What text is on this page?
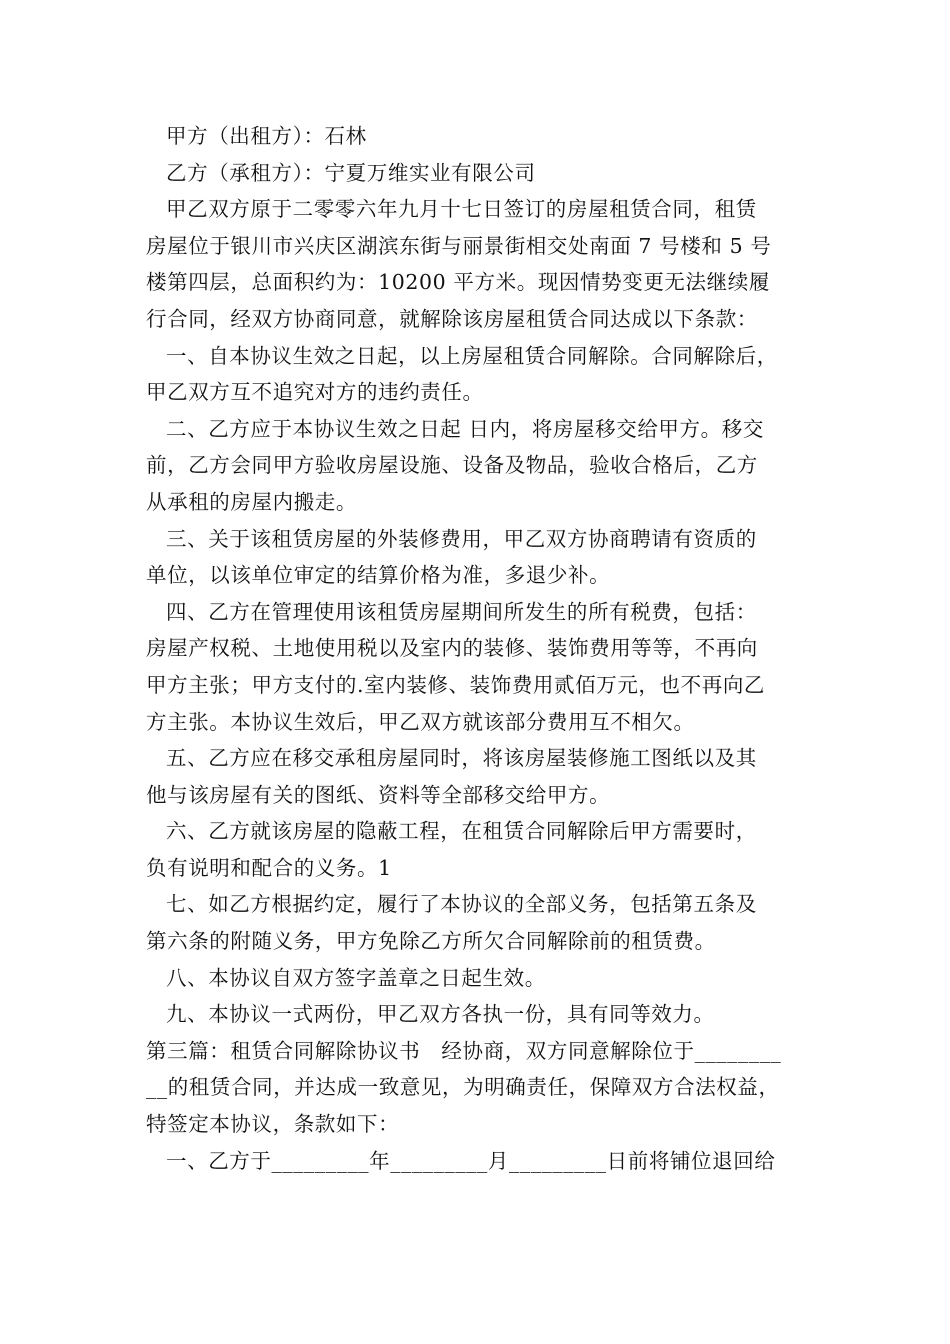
甲方（出租方）：石林
乙方（承租方）：宁夏万维实业有限公司
甲乙双方原于二零零六年九月十七日签订的房屋租赁合同，租赁
房屋位于银川市兴庆区湖滨东街与丽景街相交处南面 7 号楼和 5 号
楼第四层，总面积约为：10200 平方米。现因情势变更无法继续履
行合同，经双方协商同意，就解除该房屋租赁合同达成以下条款：
一、自本协议生效之日起，以上房屋租赁合同解除。合同解除后，
甲乙双方互不追究对方的违约责任。
二、乙方应于本协议生效之日起 日内，将房屋移交给甲方。移交
前，乙方会同甲方验收房屋设施、设备及物品，验收合格后，乙方
从承租的房屋内搬走。
三、关于该租赁房屋的外装修费用，甲乙双方协商聘请有资质的
单位，以该单位审定的结算价格为准，多退少补。
四、乙方在管理使用该租赁房屋期间所发生的所有税费，包括：
房屋产权税、土地使用税以及室内的装修、装饰费用等等，不再向
甲方主张；甲方支付的.室内装修、装饰费用贰佰万元，也不再向乙
方主张。本协议生效后，甲乙双方就该部分费用互不相欠。
五、乙方应在移交承租房屋同时，将该房屋装修施工图纸以及其
他与该房屋有关的图纸、资料等全部移交给甲方。
六、乙方就该房屋的隐蔽工程，在租赁合同解除后甲方需要时，
负有说明和配合的义务。1
七、如乙方根据约定，履行了本协议的全部义务，包括第五条及
第六条的附随义务，甲方免除乙方所欠合同解除前的租赁费。
八、本协议自双方签字盖章之日起生效。
九、本协议一式两份，甲乙双方各执一份，具有同等效力。
第三篇：租赁合同解除协议书　经协商，双方同意解除位于________
__的租赁合同，并达成一致意见，为明确责任，保障双方合法权益，
特签定本协议，条款如下：
一、乙方于_________年_________月_________日前将铺位退回给
